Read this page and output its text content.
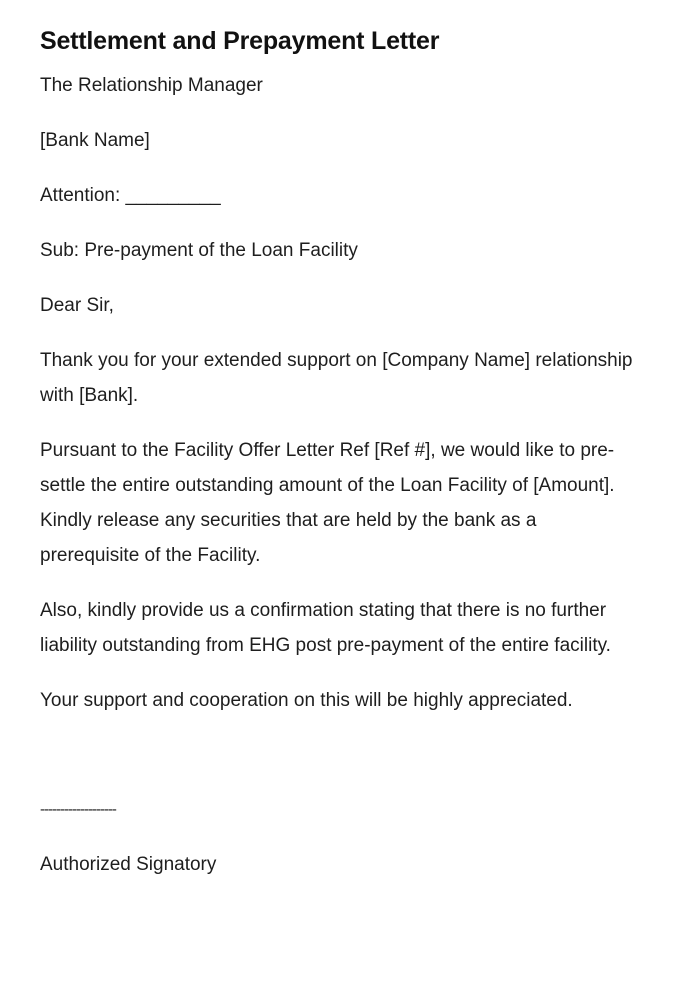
Settlement and Prepayment Letter

The Relationship Manager

[Bank Name]

Attention: _________

Sub: Pre-payment of the Loan Facility

Dear Sir,

Thank you for your extended support on [Company Name] relationship with [Bank].

Pursuant to the Facility Offer Letter Ref [Ref #], we would like to pre-settle the entire outstanding amount of the Loan Facility of [Amount]. Kindly release any securities that are held by the bank as a prerequisite of the Facility.

Also, kindly provide us a confirmation stating that there is no further liability outstanding from EHG post pre-payment of the entire facility.

Your support and cooperation on this will be highly appreciated.

-------------------

Authorized Signatory
